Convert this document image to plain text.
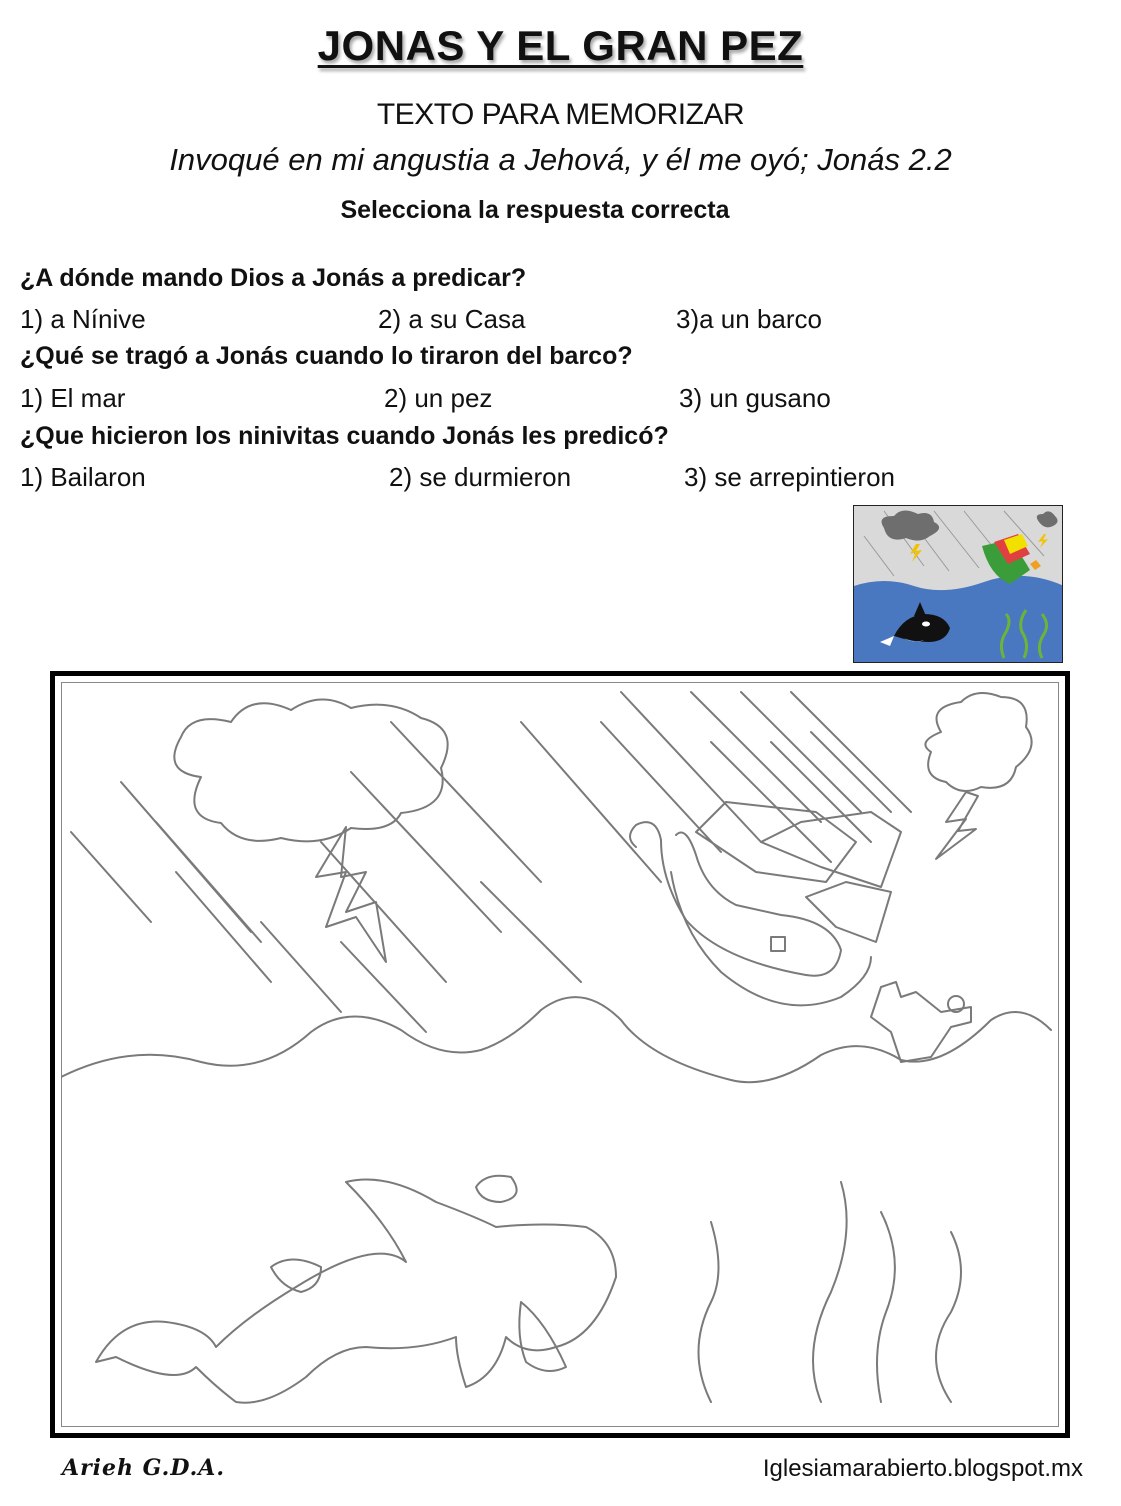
JONAS Y EL GRAN PEZ
TEXTO PARA MEMORIZAR
Invoqué en mi angustia a Jehová, y él me oyó; Jonás 2.2
Selecciona la respuesta correcta
¿A dónde mando Dios a Jonás a predicar?
1) a Nínive	2) a su Casa	3)a un barco
¿Qué se tragó a Jonás cuando lo tiraron del barco?
1) El mar	2) un pez	3) un gusano
¿Que hicieron los ninivitas cuando Jonás les predicó?
1) Bailaron	2) se durmieron	3) se arrepintieron
Arieh G.D.A.	Iglesiamarabierto.blogspot.mx
